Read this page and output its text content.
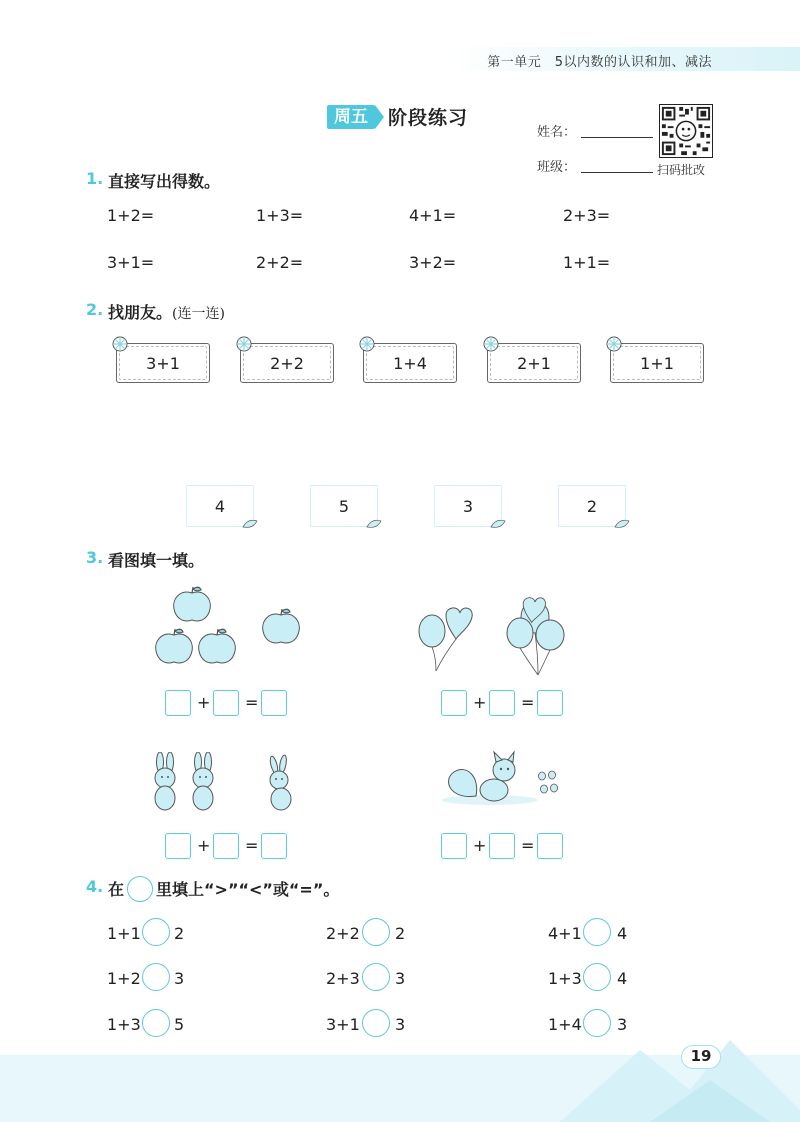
第一单元　5以内数的认识和加、减法
周五	阶段练习
姓名：
班级：	扫码批改
1. 直接写出得数。
1+2=	1+3=	4+1=	2+3=
3+1=	2+2=	3+2=	1+1=
2. 找朋友。(连一连)
3+1	2+2	1+4	2+1	1+1
4	5	3	2
3. 看图填一填。
+ =	+ =
+ =	+ =
4. 在 里填上“>”“<”或“=”。
1+1 2	2+2 2	4+1 4
1+2 3	2+3 3	1+3 4
1+3 5	3+1 3	1+4 3
19
